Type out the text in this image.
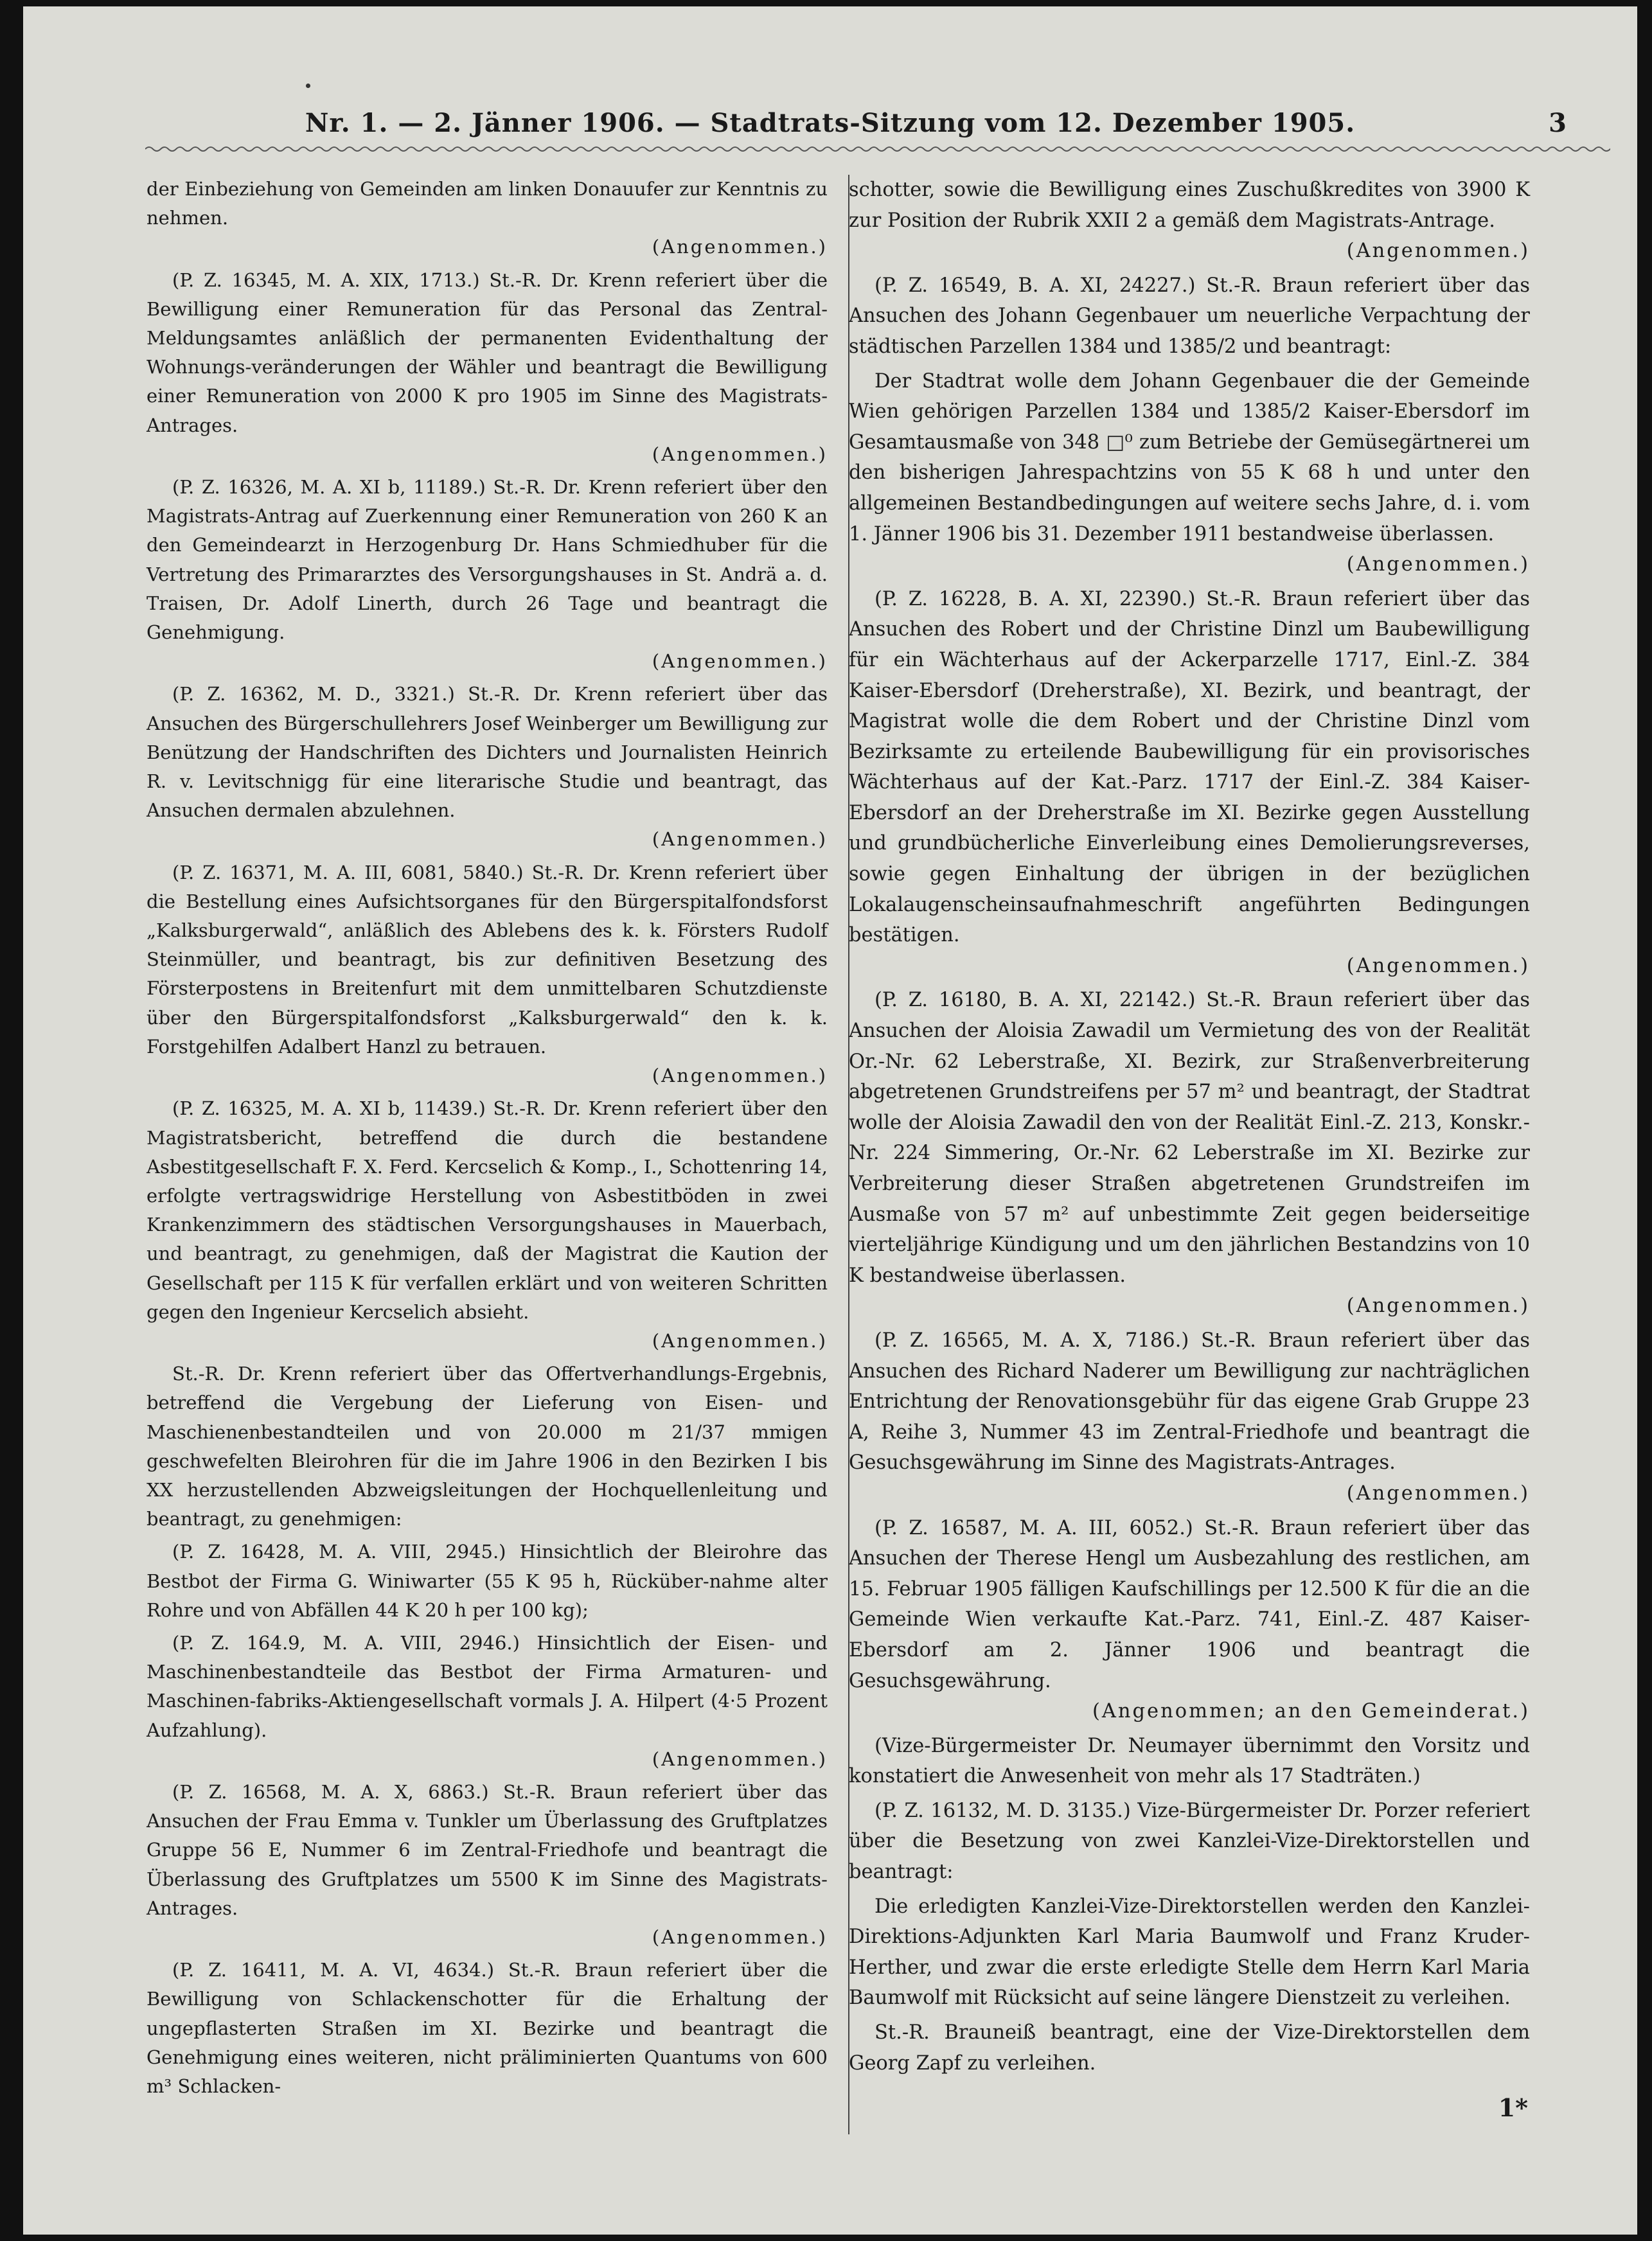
Nr. 1. — 2. Jänner 1906. — Stadtrats-Sitzung vom 12. Dezember 1905.	3

der Einbeziehung von Gemeinden am linken Donauufer zur Kenntnis zu nehmen.
(Angenommen.)

(P. Z. 16345, M. A. XIX, 1713.) St.-R. Dr. Krenn referiert über die Bewilligung einer Remuneration für das Personal das Zentral-Meldungsamtes anläßlich der permanenten Evidenthaltung der Wohnungs-veränderungen der Wähler und beantragt die Bewilligung einer Remuneration von 2000 K pro 1905 im Sinne des Magistrats-Antrages.
(Angenommen.)

(P. Z. 16326, M. A. XI b, 11189.) St.-R. Dr. Krenn referiert über den Magistrats-Antrag auf Zuerkennung einer Remuneration von 260 K an den Gemeindearzt in Herzogenburg Dr. Hans Schmiedhuber für die Vertretung des Primararztes des Versorgungshauses in St. Andrä a. d. Traisen, Dr. Adolf Linerth, durch 26 Tage und beantragt die Genehmigung.
(Angenommen.)

(P. Z. 16362, M. D., 3321.) St.-R. Dr. Krenn referiert über das Ansuchen des Bürgerschullehrers Josef Weinberger um Bewilligung zur Benützung der Handschriften des Dichters und Journalisten Heinrich R. v. Levitschnigg für eine literarische Studie und beantragt, das Ansuchen dermalen abzulehnen.
(Angenommen.)

(P. Z. 16371, M. A. III, 6081, 5840.) St.-R. Dr. Krenn referiert über die Bestellung eines Aufsichtsorganes für den Bürgerspitalfondsforst „Kalksburgerwald“, anläßlich des Ablebens des k. k. Försters Rudolf Steinmüller, und beantragt, bis zur definitiven Besetzung des Försterpostens in Breitenfurt mit dem unmittelbaren Schutzdienste über den Bürgerspitalfondsforst „Kalksburgerwald“ den k. k. Forstgehilfen Adalbert Hanzl zu betrauen.
(Angenommen.)

(P. Z. 16325, M. A. XI b, 11439.) St.-R. Dr. Krenn referiert über den Magistratsbericht, betreffend die durch die bestandene Asbestitgesellschaft F. X. Ferd. Kercselich & Komp., I., Schottenring 14, erfolgte vertragswidrige Herstellung von Asbestitböden in zwei Krankenzimmern des städtischen Versorgungshauses in Mauerbach, und beantragt, zu genehmigen, daß der Magistrat die Kaution der Gesellschaft per 115 K für verfallen erklärt und von weiteren Schritten gegen den Ingenieur Kercselich absieht.
(Angenommen.)

St.-R. Dr. Krenn referiert über das Offertverhandlungs-Ergebnis, betreffend die Vergebung der Lieferung von Eisen- und Maschienenbestandteilen und von 20.000 m 21/37 mmigen geschwefelten Bleirohren für die im Jahre 1906 in den Bezirken I bis XX herzustellenden Abzweigsleitungen der Hochquellenleitung und beantragt, zu genehmigen:

(P. Z. 16428, M. A. VIII, 2945.) Hinsichtlich der Bleirohre das Bestbot der Firma G. Winiwarter (55 K 95 h, Rücküber-nahme alter Rohre und von Abfällen 44 K 20 h per 100 kg);

(P. Z. 164.9, M. A. VIII, 2946.) Hinsichtlich der Eisen- und Maschinenbestandteile das Bestbot der Firma Armaturen- und Maschinen-fabriks-Aktiengesellschaft vormals J. A. Hilpert (4·5 Prozent Aufzahlung).
(Angenommen.)

(P. Z. 16568, M. A. X, 6863.) St.-R. Braun referiert über das Ansuchen der Frau Emma v. Tunkler um Überlassung des Gruftplatzes Gruppe 56 E, Nummer 6 im Zentral-Friedhofe und beantragt die Überlassung des Gruftplatzes um 5500 K im Sinne des Magistrats-Antrages.
(Angenommen.)

(P. Z. 16411, M. A. VI, 4634.) St.-R. Braun referiert über die Bewilligung von Schlackenschotter für die Erhaltung der ungepflasterten Straßen im XI. Bezirke und beantragt die Genehmigung eines weiteren, nicht präliminierten Quantums von 600 m³ Schlacken-

schotter, sowie die Bewilligung eines Zuschußkredites von 3900 K zur Position der Rubrik XXII 2 a gemäß dem Magistrats-Antrage.
(Angenommen.)

(P. Z. 16549, B. A. XI, 24227.) St.-R. Braun referiert über das Ansuchen des Johann Gegenbauer um neuerliche Verpachtung der städtischen Parzellen 1384 und 1385/2 und beantragt:

Der Stadtrat wolle dem Johann Gegenbauer die der Gemeinde Wien gehörigen Parzellen 1384 und 1385/2 Kaiser-Ebersdorf im Gesamtausmaße von 348 □⁰ zum Betriebe der Gemüsegärtnerei um den bisherigen Jahrespachtzins von 55 K 68 h und unter den allgemeinen Bestandbedingungen auf weitere sechs Jahre, d. i. vom 1. Jänner 1906 bis 31. Dezember 1911 bestandweise überlassen.
(Angenommen.)

(P. Z. 16228, B. A. XI, 22390.) St.-R. Braun referiert über das Ansuchen des Robert und der Christine Dinzl um Baubewilligung für ein Wächterhaus auf der Ackerparzelle 1717, Einl.-Z. 384 Kaiser-Ebersdorf (Dreherstraße), XI. Bezirk, und beantragt, der Magistrat wolle die dem Robert und der Christine Dinzl vom Bezirksamte zu erteilende Baubewilligung für ein provisorisches Wächterhaus auf der Kat.-Parz. 1717 der Einl.-Z. 384 Kaiser-Ebersdorf an der Dreherstraße im XI. Bezirke gegen Ausstellung und grundbücherliche Einverleibung eines Demolierungsreverses, sowie gegen Einhaltung der übrigen in der bezüglichen Lokalaugenscheinsaufnahmeschrift angeführten Bedingungen bestätigen.
(Angenommen.)

(P. Z. 16180, B. A. XI, 22142.) St.-R. Braun referiert über das Ansuchen der Aloisia Zawadil um Vermietung des von der Realität Or.-Nr. 62 Leberstraße, XI. Bezirk, zur Straßenverbreiterung abgetretenen Grundstreifens per 57 m² und beantragt, der Stadtrat wolle der Aloisia Zawadil den von der Realität Einl.-Z. 213, Konskr.-Nr. 224 Simmering, Or.-Nr. 62 Leberstraße im XI. Bezirke zur Verbreiterung dieser Straßen abgetretenen Grundstreifen im Ausmaße von 57 m² auf unbestimmte Zeit gegen beiderseitige vierteljährige Kündigung und um den jährlichen Bestandzins von 10 K bestandweise überlassen.
(Angenommen.)

(P. Z. 16565, M. A. X, 7186.) St.-R. Braun referiert über das Ansuchen des Richard Naderer um Bewilligung zur nachträglichen Entrichtung der Renovationsgebühr für das eigene Grab Gruppe 23 A, Reihe 3, Nummer 43 im Zentral-Friedhofe und beantragt die Gesuchsgewährung im Sinne des Magistrats-Antrages.
(Angenommen.)

(P. Z. 16587, M. A. III, 6052.) St.-R. Braun referiert über das Ansuchen der Therese Hengl um Ausbezahlung des restlichen, am 15. Februar 1905 fälligen Kaufschillings per 12.500 K für die an die Gemeinde Wien verkaufte Kat.-Parz. 741, Einl.-Z. 487 Kaiser-Ebersdorf am 2. Jänner 1906 und beantragt die Gesuchsgewährung.
(Angenommen; an den Gemeinderat.)

(Vize-Bürgermeister Dr. Neumayer übernimmt den Vorsitz und konstatiert die Anwesenheit von mehr als 17 Stadträten.)

(P. Z. 16132, M. D. 3135.) Vize-Bürgermeister Dr. Porzer referiert über die Besetzung von zwei Kanzlei-Vize-Direktorstellen und beantragt:

Die erledigten Kanzlei-Vize-Direktorstellen werden den Kanzlei-Direktions-Adjunkten Karl Maria Baumwolf und Franz Kruder-Herther, und zwar die erste erledigte Stelle dem Herrn Karl Maria Baumwolf mit Rücksicht auf seine längere Dienstzeit zu verleihen.

St.-R. Brauneiß beantragt, eine der Vize-Direktorstellen dem Georg Zapf zu verleihen.

1*
